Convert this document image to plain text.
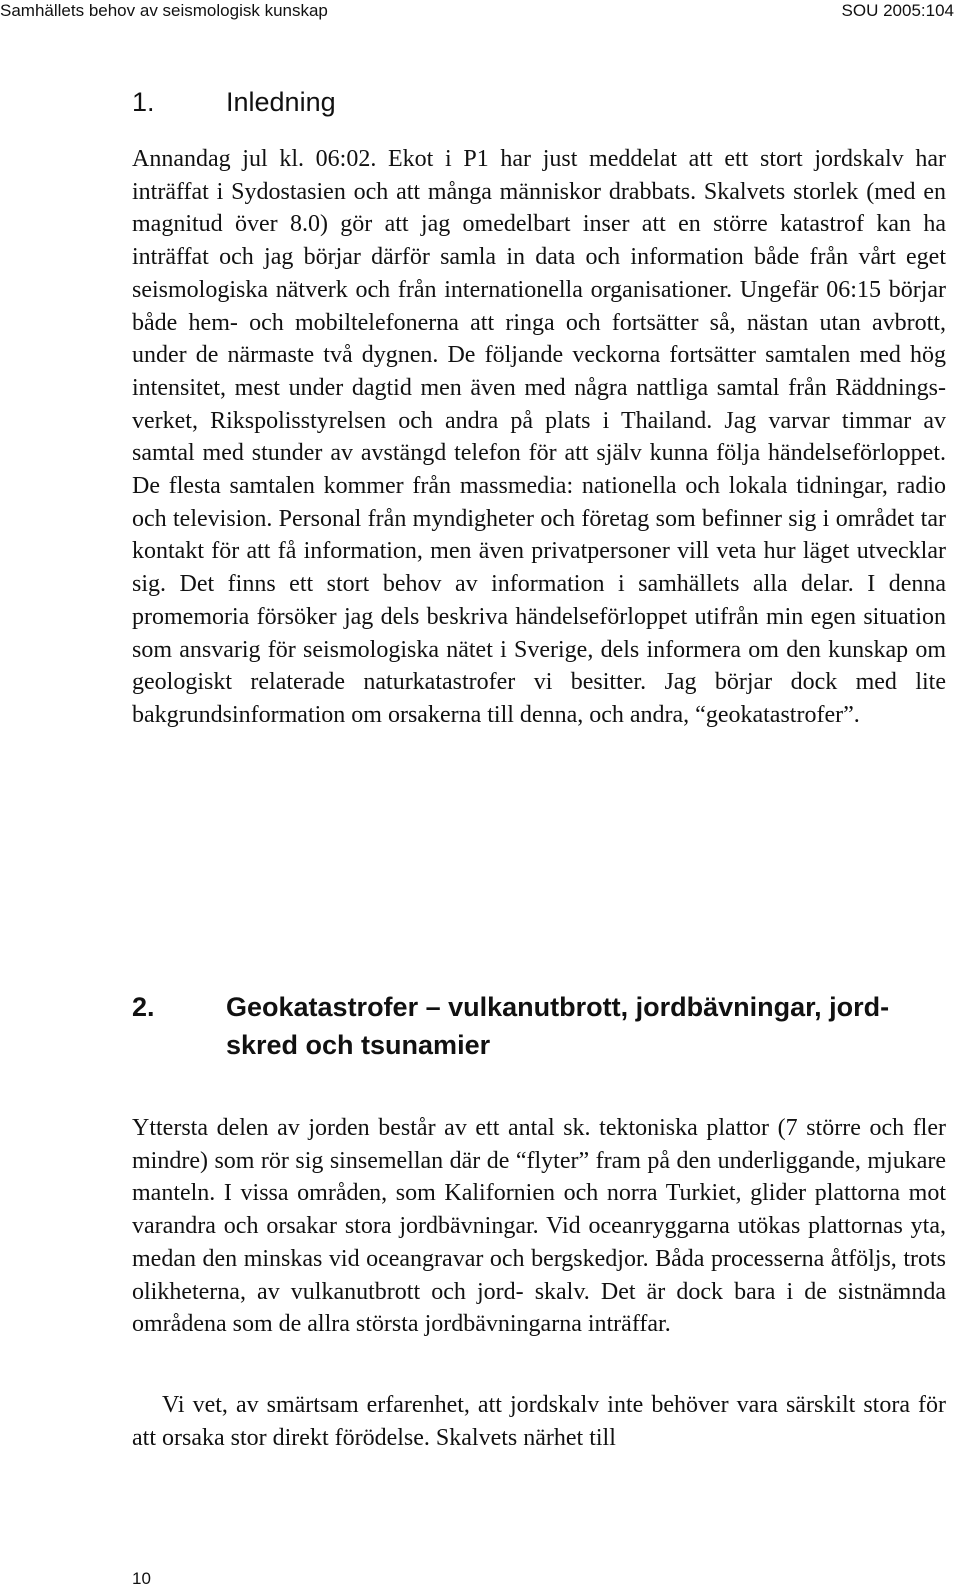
Samhällets behov av seismologisk kunskap	SOU 2005:104
1.	Inledning

Annandag jul kl. 06:02. Ekot i P1 har just meddelat att ett stort jordskalv har inträffat i Sydostasien och att många människor drabbats. Skalvets storlek (med en magnitud över 8.0) gör att jag omedelbart inser att en större katastrof kan ha inträffat och jag börjar därför samla in data och information både från vårt eget seismologiska nätverk och från internationella organisationer. Ungefär 06:15 börjar både hem- och mobiltelefonerna att ringa och fortsätter så, nästan utan avbrott, under de närmaste två dygnen. De följande veckorna fortsätter samtalen med hög intensitet, mest under dagtid men även med några nattliga samtal från Räddnings- verket, Rikspolisstyrelsen och andra på plats i Thailand. Jag varvar timmar av samtal med stunder av avstängd telefon för att själv kunna följa händelseförloppet. De flesta samtalen kommer från massmedia: nationella och lokala tidningar, radio och television. Personal från myndigheter och företag som befinner sig i området tar kontakt för att få information, men även privatpersoner vill veta hur läget utvecklar sig. Det finns ett stort behov av information i samhällets alla delar. I denna promemoria försöker jag dels beskriva händelseförloppet utifrån min egen situation som ansvarig för seismologiska nätet i Sverige, dels informera om den kunskap om geologiskt relaterade naturkatastrofer vi besitter. Jag börjar dock med lite bakgrundsinformation om orsakerna till denna, och andra, “geokatastrofer”.

2.	Geokatastrofer – vulkanutbrott, jordbävningar, jord- skred och tsunamier

Yttersta delen av jorden består av ett antal sk. tektoniska plattor (7 större och fler mindre) som rör sig sinsemellan där de “flyter” fram på den underliggande, mjukare manteln. I vissa områden, som Kalifornien och norra Turkiet, glider plattorna mot varandra och orsakar stora jordbävningar. Vid oceanryggarna utökas plattornas yta, medan den minskas vid oceangravar och bergskedjor. Båda processerna åtföljs, trots olikheterna, av vulkanutbrott och jord- skalv. Det är dock bara i de sistnämnda områdena som de allra största jordbävningarna inträffar.

Vi vet, av smärtsam erfarenhet, att jordskalv inte behöver vara särskilt stora för att orsaka stor direkt förödelse. Skalvets närhet till

10
